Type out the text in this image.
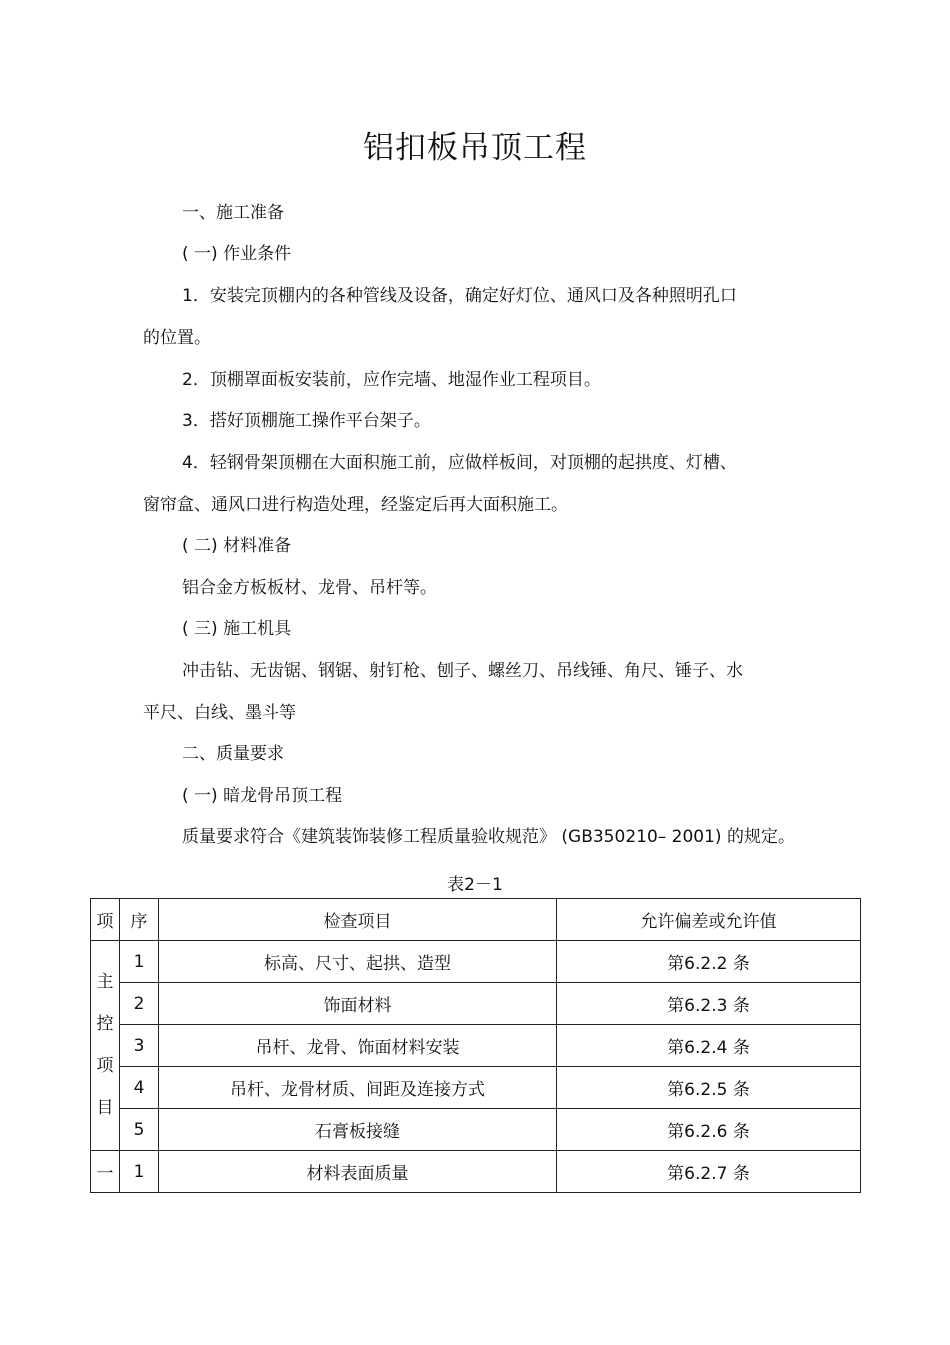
铝扣板吊顶工程
一、施工准备
( 一) 作业条件
1．安装完顶棚内的各种管线及设备，确定好灯位、通风口及各种照明孔口
的位置。
2．顶棚罩面板安装前，应作完墙、地湿作业工程项目。
3．搭好顶棚施工操作平台架子。
4．轻钢骨架顶棚在大面积施工前，应做样板间，对顶棚的起拱度、灯槽、
窗帘盒、通风口进行构造处理，经鉴定后再大面积施工。
( 二) 材料准备
铝合金方板板材、龙骨、吊杆等。
( 三) 施工机具
冲击钻、无齿锯、钢锯、射钉枪、刨子、螺丝刀、吊线锤、角尺、锤子、水
平尺、白线、墨斗等
二、质量要求
( 一) 暗龙骨吊顶工程
质量要求符合《建筑装饰装修工程质量验收规范》 (GB350210– 2001) 的规定。
表2－1
项	序	检查项目	允许偏差或允许值

主
控
项
目	1	标高、尺寸、起拱、造型	第6.2.2 条
	2	饰面材料	第6.2.3 条
	3	吊杆、龙骨、饰面材料安装	第6.2.4 条
	4	吊杆、龙骨材质、间距及连接方式	第6.2.5 条
	5	石膏板接缝	第6.2.6 条
一	1	材料表面质量	第6.2.7 条
